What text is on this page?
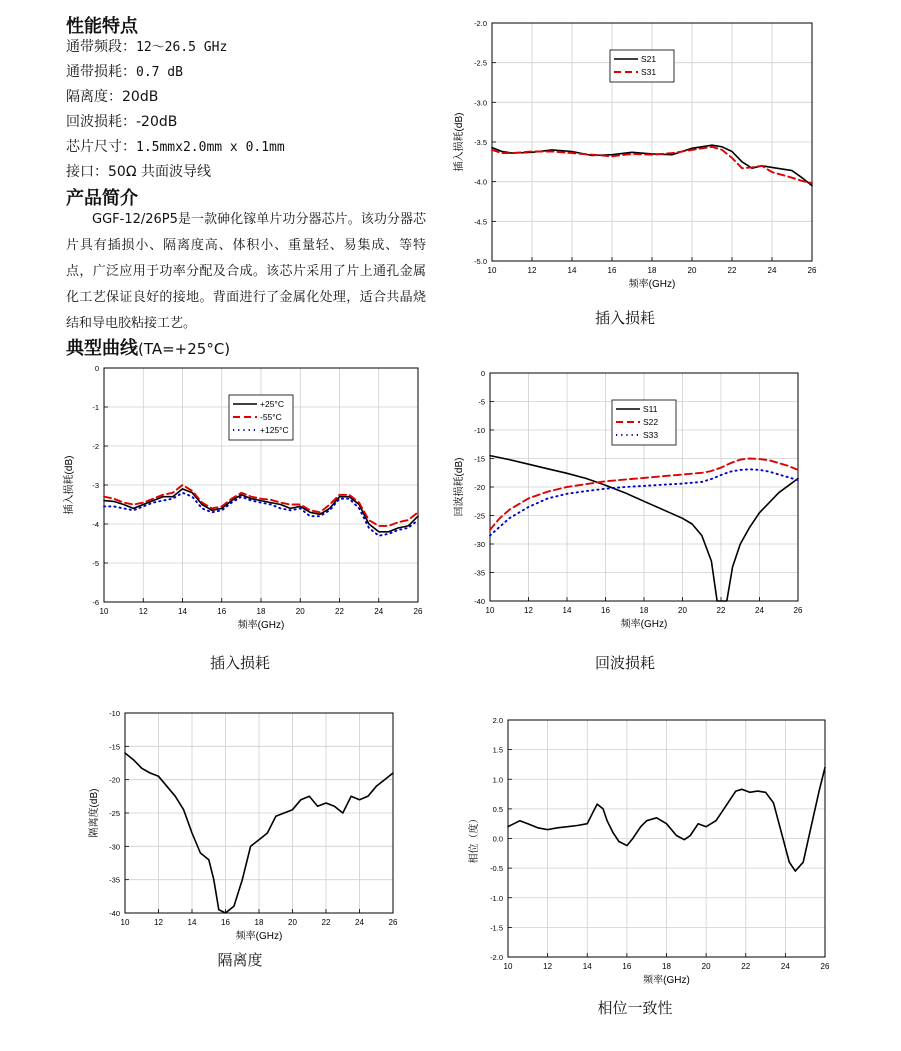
性能特点
通带频段：12～26.5 GHz
通带损耗：0.7 dB
隔离度：20dB
回波损耗：-20dB
芯片尺寸：1.5mmx2.0mm x 0.1mm
接口：50Ω 共面波导线
产品简介

GGF-12/26P5是一款砷化镓单片功分器芯片。该功分器芯片具有插损小、隔离度高、体积小、重量轻、易集成、等特点，广泛应用于功率分配及合成。该芯片采用了片上通孔金属化工艺保证良好的接地。背面进行了金属化处理，适合共晶烧结和导电胶粘接工艺。

典型曲线(TA=+25°C)
10	12	14	16	18	20	22	24	26
-5.0
-4.5
-4.0
-3.5
-3.0
-2.5
-2.0
频率(GHz)
插入损耗(dB)
S21
S31
插入损耗
10	12	14	16	18	20	22	24	26
-6
-5
-4
-3
-2
-1
0
频率(GHz)
插入损耗(dB)
+25°C
-55°C
+125°C
插入损耗
10	12	14	16	18	20	22	24	26
-40
-35
-30
-25
-20
-15
-10
-5
0
频率(GHz)
回波损耗(dB)
S11
S22
S33
回波损耗
10	12	14	16	18	20	22	24	26
-40
-35
-30
-25
-20
-15
-10
频率(GHz)
隔离度(dB)
隔离度	10	12	14	16	18	20	22	24	26
-2.0
-1.5
-1.0
-0.5
0.0
0.5
1.0
1.5
2.0
频率(GHz)
相位（度）
相位一致性
